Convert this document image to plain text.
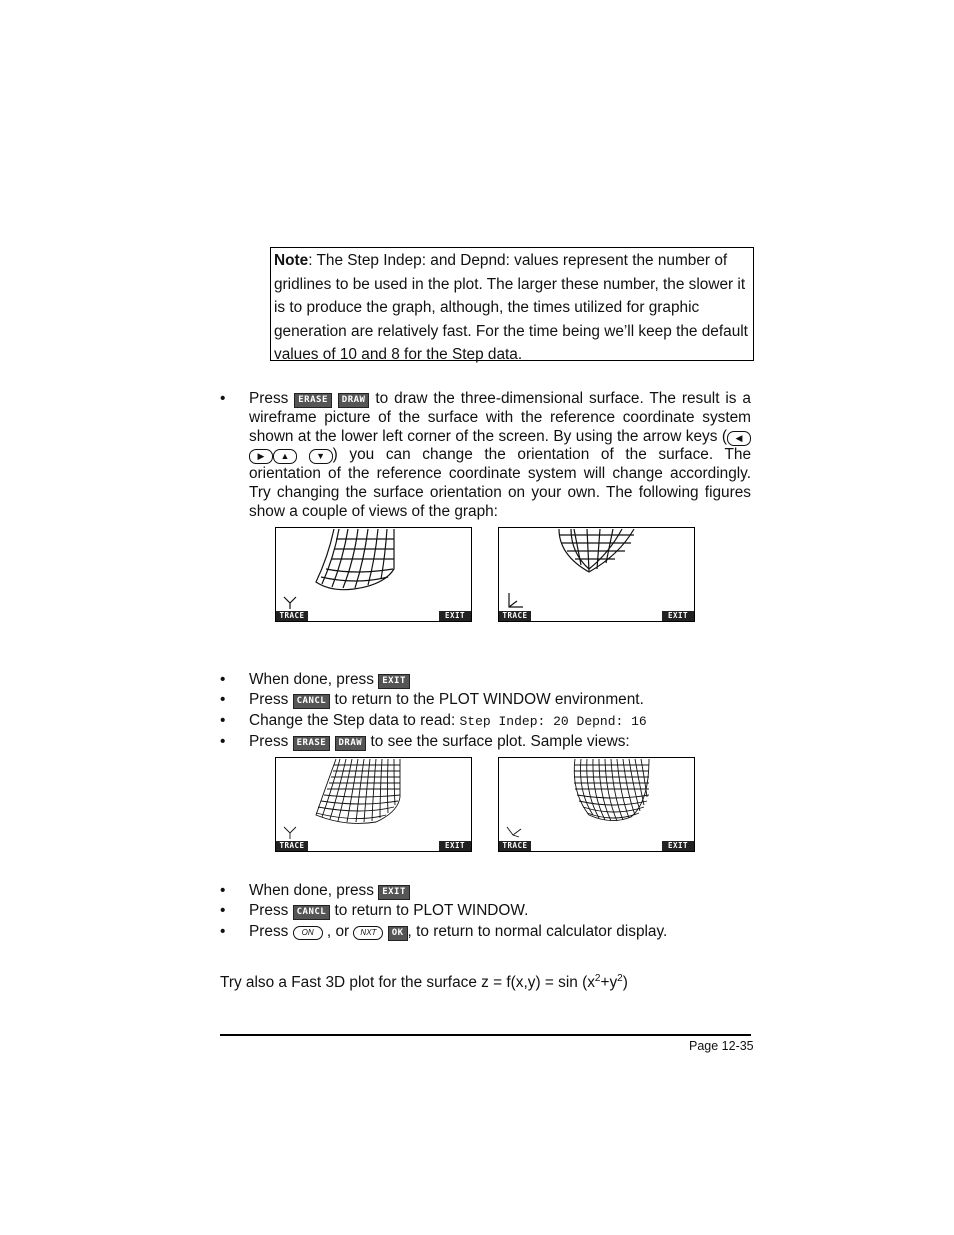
Note: The Step Indep: and Depnd: values represent the number of gridlines to be used in the plot. The larger these number, the slower it is to produce the graph, although, the times utilized for graphic generation are relatively fast. For the time being we’ll keep the default values of 10 and 8 for the Step data.
• Press ERASE DRAW to draw the three-dimensional surface. The result is a wireframe picture of the surface with the reference coordinate system shown at the lower left corner of the screen. By using the arrow keys ( ◀▶ ▲	▼ ) you can change the orientation of the surface. The orientation of the reference coordinate system will change accordingly. Try changing the surface orientation on your own. The following figures show a couple of views of the graph:
TRACE	EXIT	TRACE	EXIT
• When done, press EXIT
• Press CANCL to return to the PLOT WINDOW environment.
• Change the Step data to read: Step Indep: 20 Depnd: 16
• Press ERASE DRAW to see the surface plot. Sample views:
TRACE	EXIT	TRACE	EXIT
• When done, press EXIT
• Press CANCL to return to PLOT WINDOW.
• Press ON , or NXT OK , to return to normal calculator display.
Try also a Fast 3D plot for the surface $z = f(x,y) = \sin (x^2+y^2)$
Page 12-35
